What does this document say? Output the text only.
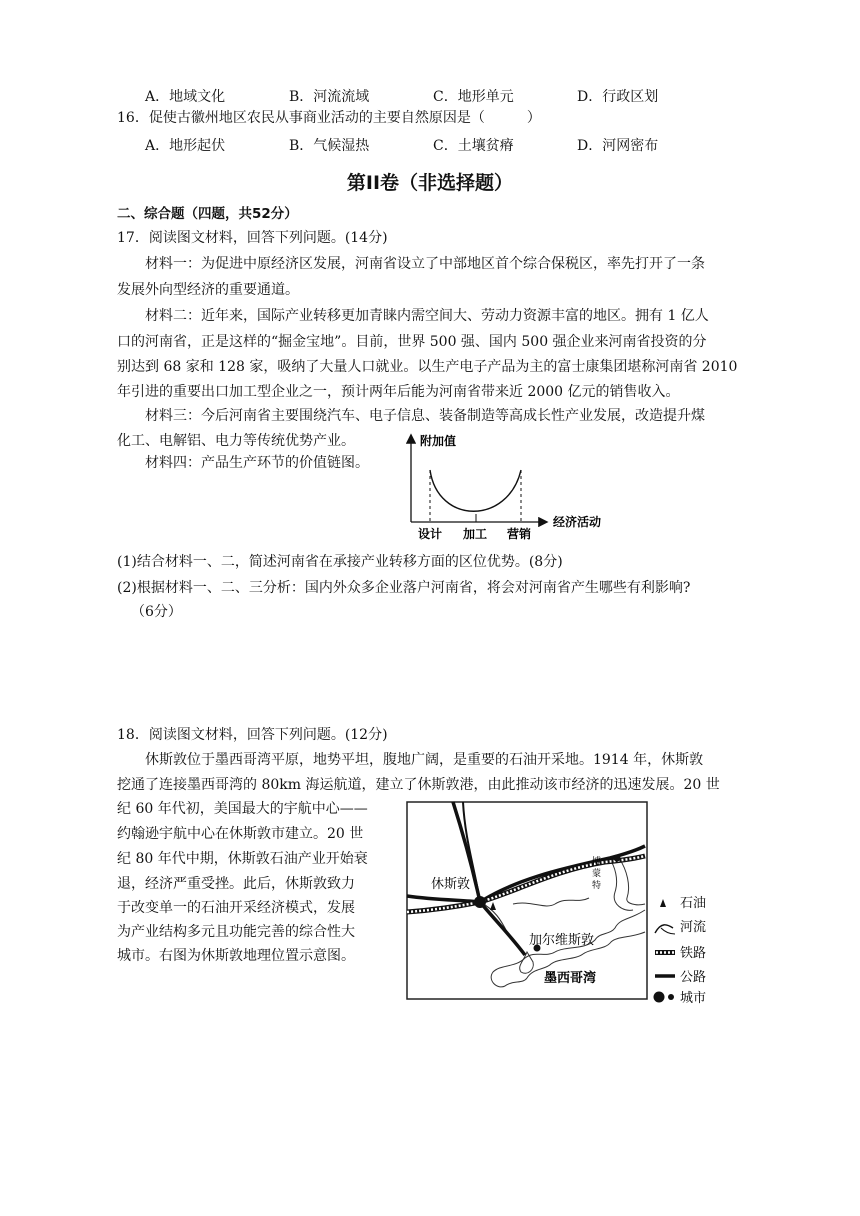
A．地域文化	B．河流流域	C．地形单元	D．行政区划
16．促使古徽州地区农民从事商业活动的主要自然原因是（　　　）
A．地形起伏	B．气候湿热	C．土壤贫瘠	D．河网密布
第II卷（非选择题）
二、综合题（四题，共52分）
17．阅读图文材料，回答下列问题。(14分)
　　材料一：为促进中原经济区发展，河南省设立了中部地区首个综合保税区，率先打开了一条
发展外向型经济的重要通道。
　　材料二：近年来，国际产业转移更加青睐内需空间大、劳动力资源丰富的地区。拥有 1 亿人
口的河南省，正是这样的“掘金宝地”。目前，世界 500 强、国内 500 强企业来河南省投资的分
别达到 68 家和 128 家，吸纳了大量人口就业。以生产电子产品为主的富士康集团堪称河南省 2010
年引进的重要出口加工型企业之一，预计两年后能为河南省带来近 2000 亿元的销售收入。
　　材料三：今后河南省主要围绕汽车、电子信息、装备制造等高成长性产业发展，改造提升煤
化工、电解铝、电力等传统优势产业。
　　材料四：产品生产环节的价值链图。
附加值
经济活动
设计 加工 营销
(1)结合材料一、二，简述河南省在承接产业转移方面的区位优势。(8分)
(2)根据材料一、二、三分析：国内外众多企业落户河南省，将会对河南省产生哪些有利影响?
（6分）
18．阅读图文材料，回答下列问题。(12分)
　　休斯敦位于墨西哥湾平原，地势平坦，腹地广阔，是重要的石油开采地。1914 年，休斯敦
挖通了连接墨西哥湾的 80km 海运航道，建立了休斯敦港，由此推动该市经济的迅速发展。20 世
纪 60 年代初，美国最大的宇航中心——
约翰逊宇航中心在休斯敦市建立。20 世
纪 80 年代中期，休斯敦石油产业开始衰
退，经济严重受挫。此后，休斯敦致力
于改变单一的石油开采经济模式，发展
为产业结构多元且功能完善的综合性大
城市。右图为休斯敦地理位置示意图。
休斯敦
加尔维斯敦
墨西哥湾
博
蒙
特
石油
河流
铁路
公路
城市
